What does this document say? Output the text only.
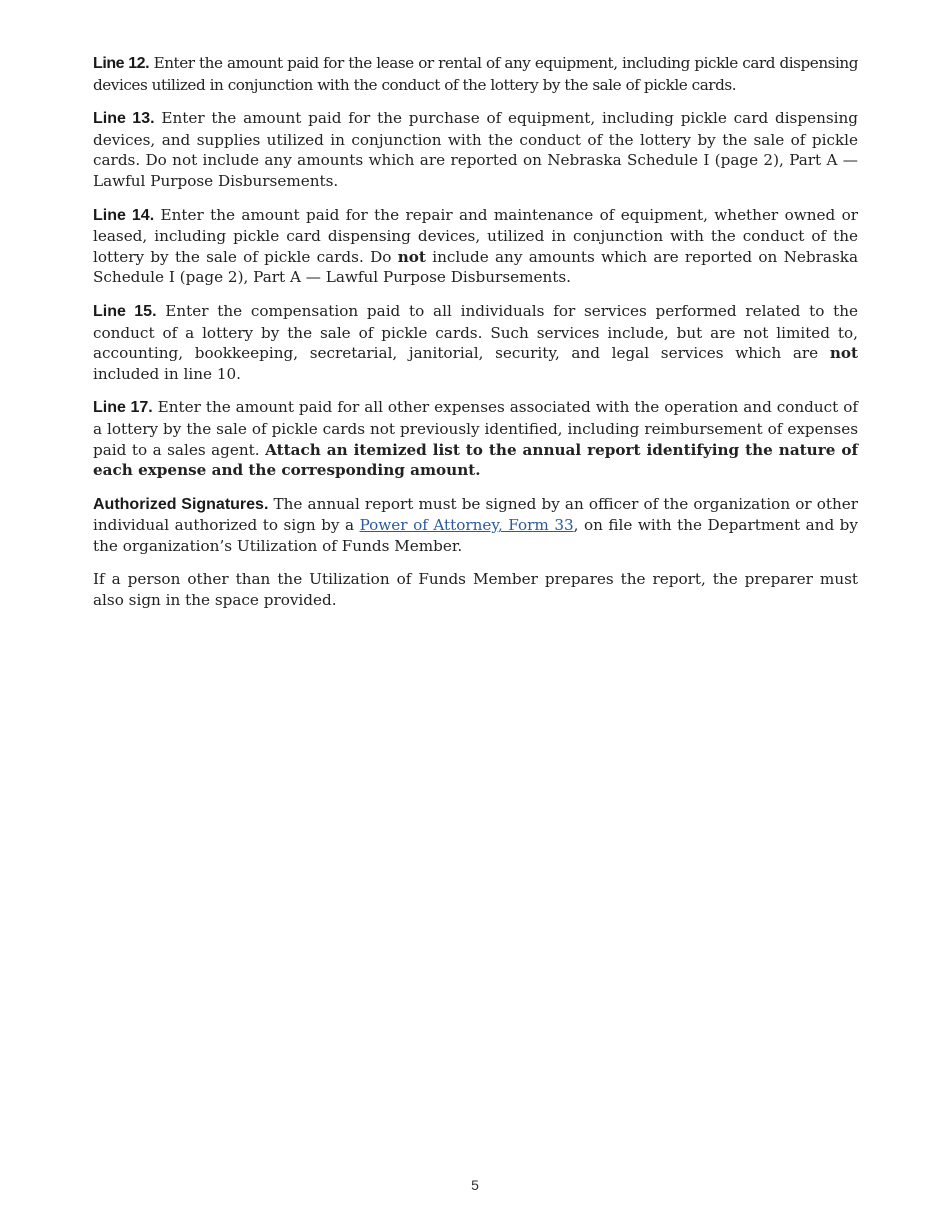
Line 12. Enter the amount paid for the lease or rental of any equipment, including pickle card dispensing devices utilized in conjunction with the conduct of the lottery by the sale of pickle cards.

Line 13. Enter the amount paid for the purchase of equipment, including pickle card dispensing devices, and supplies utilized in conjunction with the conduct of the lottery by the sale of pickle cards. Do not include any amounts which are reported on Nebraska Schedule I (page 2), Part A — Lawful Purpose Disbursements.

Line 14. Enter the amount paid for the repair and maintenance of equipment, whether owned or leased, including pickle card dispensing devices, utilized in conjunction with the conduct of the lottery by the sale of pickle cards. Do not include any amounts which are reported on Nebraska Schedule I (page 2), Part A — Lawful Purpose Disbursements.

Line 15. Enter the compensation paid to all individuals for services performed related to the conduct of a lottery by the sale of pickle cards. Such services include, but are not limited to, accounting, bookkeeping, secretarial, janitorial, security, and legal services which are not included in line 10.

Line 17. Enter the amount paid for all other expenses associated with the operation and conduct of a lottery by the sale of pickle cards not previously identified, including reimbursement of expenses paid to a sales agent. Attach an itemized list to the annual report identifying the nature of each expense and the corresponding amount.

Authorized Signatures. The annual report must be signed by an officer of the organization or other individual authorized to sign by a Power of Attorney, Form 33, on file with the Department and by the organization’s Utilization of Funds Member.

If a person other than the Utilization of Funds Member prepares the report, the preparer must also sign in the space provided.

5
